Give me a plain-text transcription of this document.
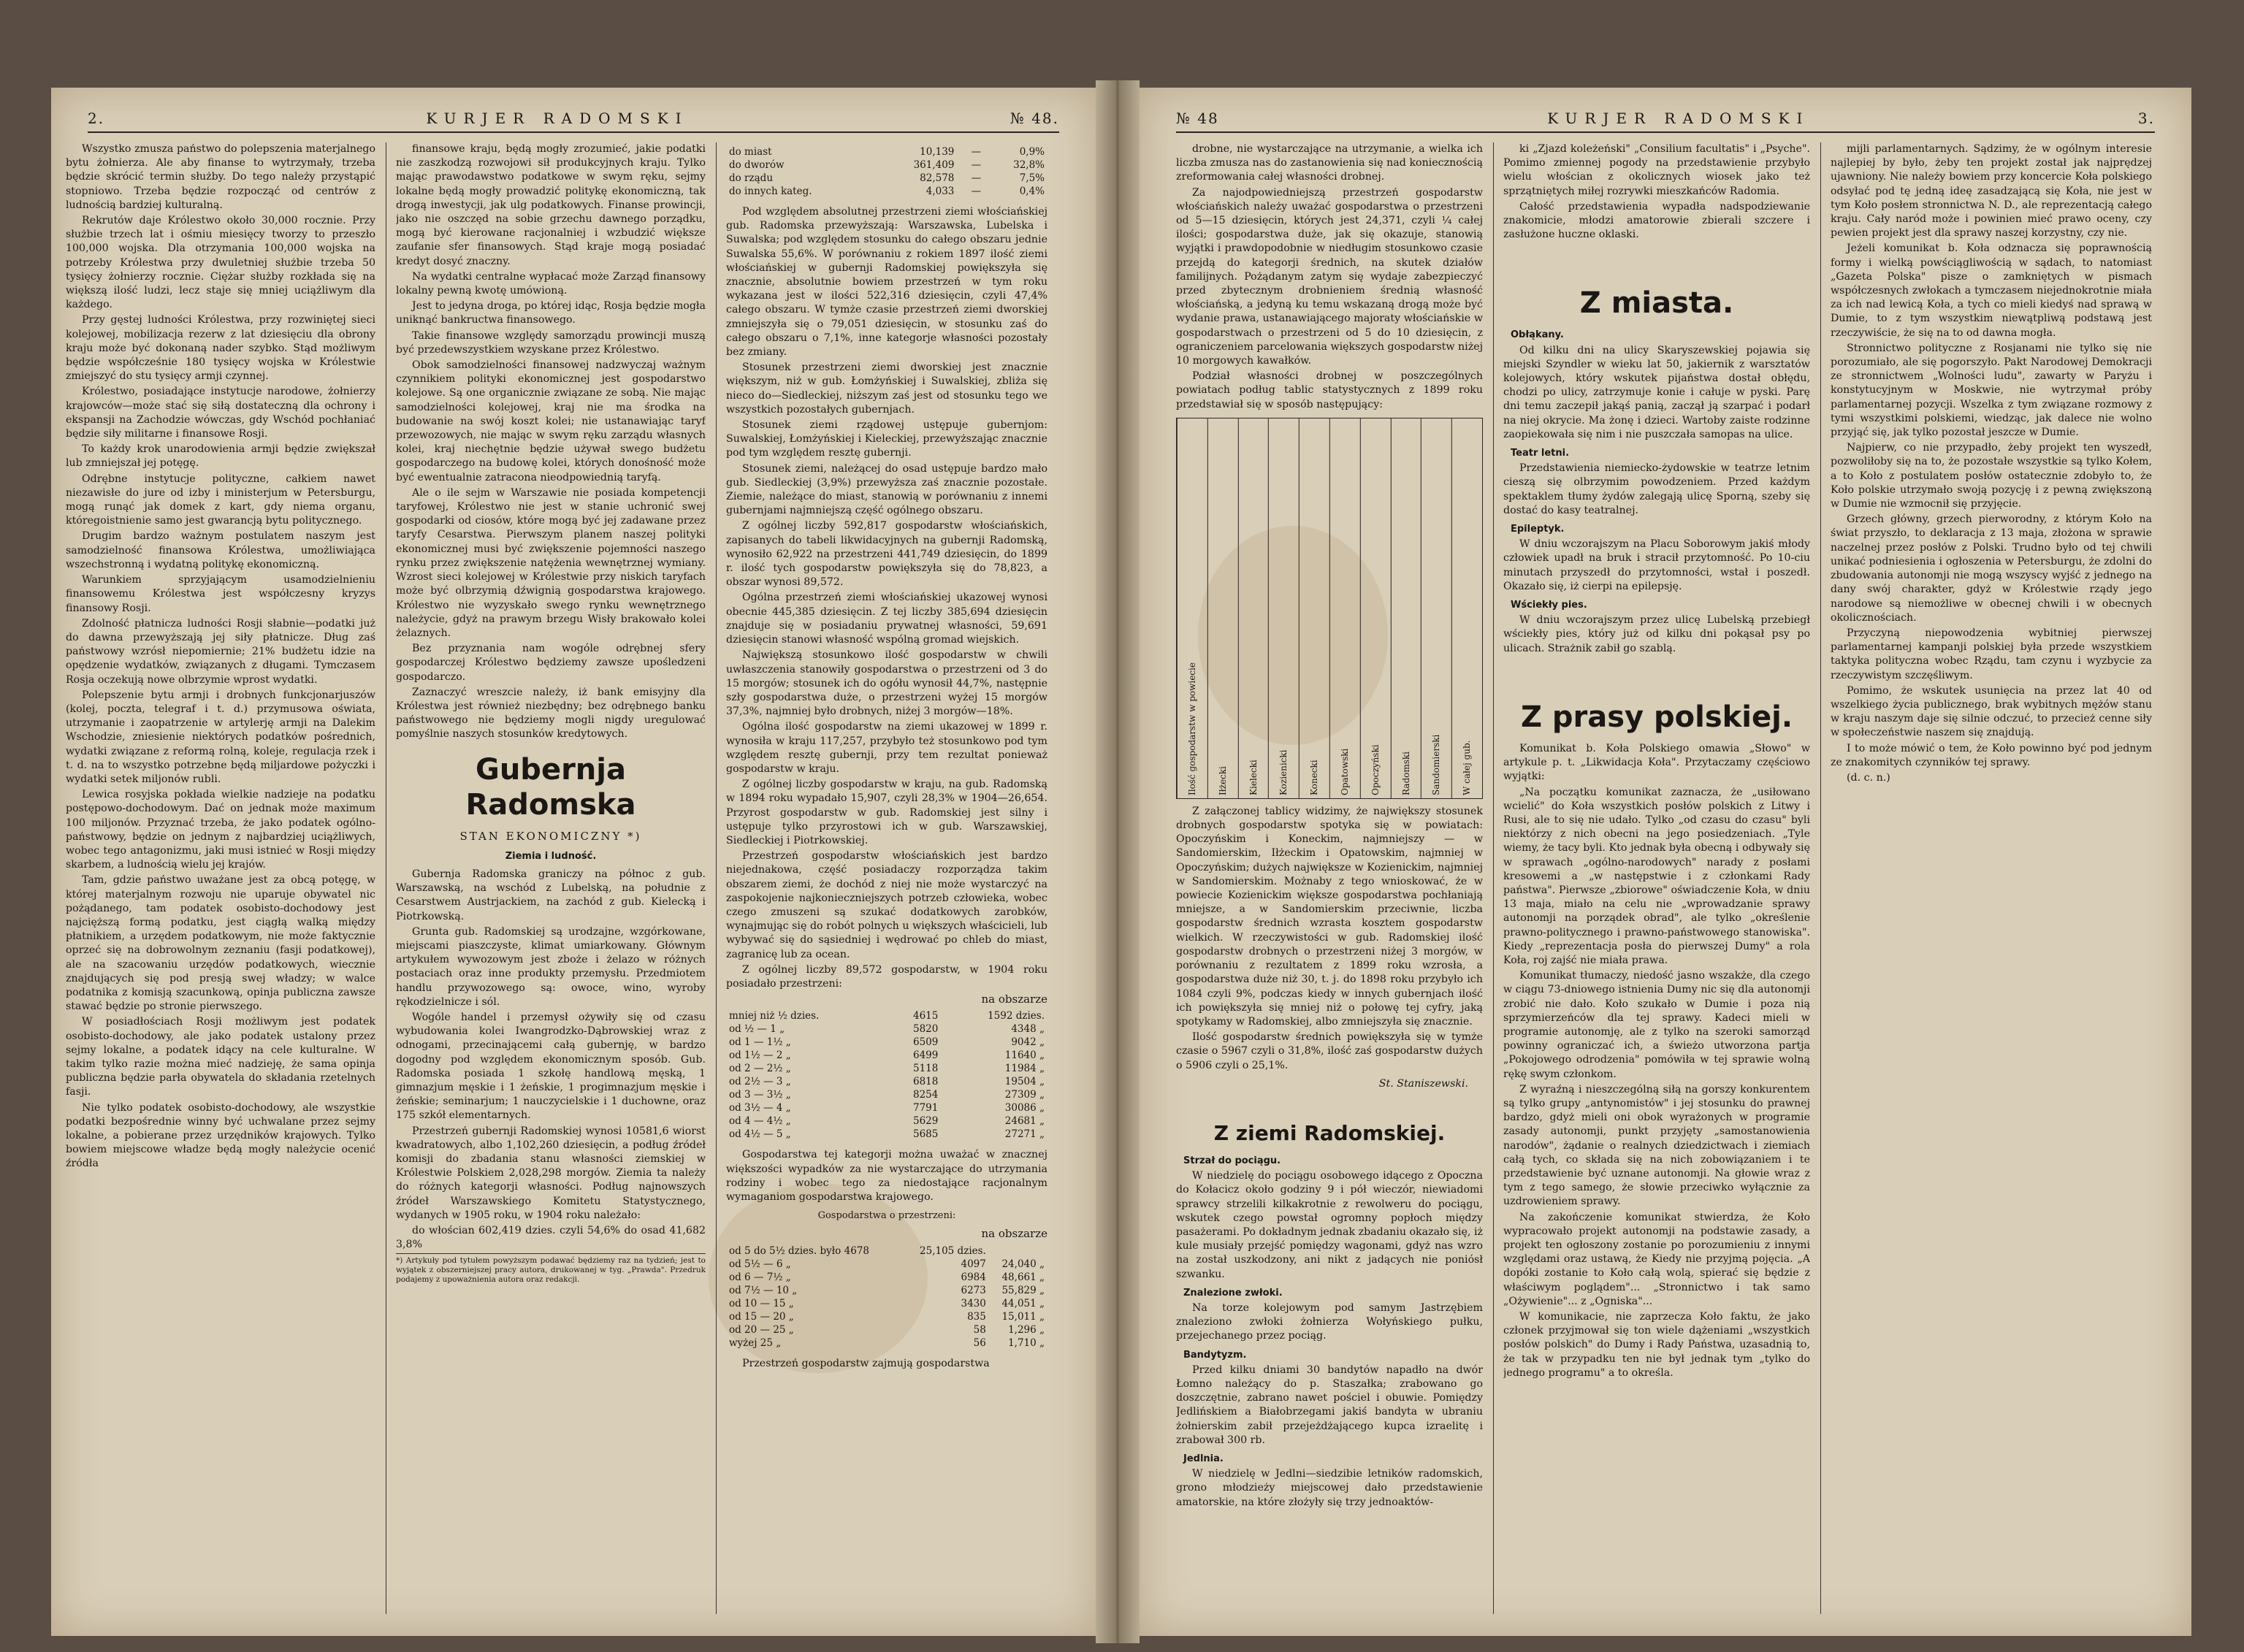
2.	KURJER RADOMSKI	№ 48.

Wszystko zmusza państwo do polepszenia materjalnego bytu żołnierza. Ale aby finanse to wytrzymały, trzeba będzie skrócić termin służby. Do tego należy przystąpić stopniowo. Trzeba będzie rozpocząć od centrów z ludnością bardziej kulturalną.

Rekrutów daje Królestwo około 30,000 rocznie. Przy służbie trzech lat i ośmiu miesięcy tworzy to przeszło 100,000 wojska. Dla otrzymania 100,000 wojska na potrzeby Królestwa przy dwuletniej służbie trzeba 50 tysięcy żołnierzy rocznie. Ciężar służby rozkłada się na większą ilość ludzi, lecz staje się mniej uciążliwym dla każdego.

Przy gęstej ludności Królestwa, przy rozwiniętej sieci kolejowej, mobilizacja rezerw z lat dziesięciu dla obrony kraju może być dokonaną nader szybko. Stąd możliwym będzie współcześnie 180 tysięcy wojska w Królestwie zmiejszyć do stu tysięcy armji czynnej.

Królestwo, posiadające instytucje narodowe, żołnierzy krajowców—może stać się siłą dostateczną dla ochrony i ekspansji na Zachodzie wówczas, gdy Wschód pochłaniać będzie siły militarne i finansowe Rosji.

To każdy krok unarodowienia armji będzie zwiększał lub zmniejszał jej potęgę.

Odrębne instytucje polityczne, całkiem nawet niezawisłe do jure od izby i ministerjum w Petersburgu, mogą runąć jak domek z kart, gdy niema organu, któregoistnienie samo jest gwarancją bytu politycznego.

Drugim bardzo ważnym postulatem naszym jest samodzielność finansowa Królestwa, umożliwiająca wszechstronną i wydatną politykę ekonomiczną.

Warunkiem sprzyjającym usamodzielnieniu finansowemu Królestwa jest współczesny kryzys finansowy Rosji.

Zdolność płatnicza ludności Rosji słabnie—podatki już do dawna przewyższają jej siły płatnicze. Dług zaś państwowy wzrósł niepomiernie; 21% budżetu idzie na opędzenie wydatków, związanych z długami. Tymczasem Rosja oczekują nowe olbrzymie wprost wydatki.

Polepszenie bytu armji i drobnych funkcjonarjuszów (kolej, poczta, telegraf i t. d.) przymusowa oświata, utrzymanie i zaopatrzenie w artylerję armji na Dalekim Wschodzie, zniesienie niektórych podatków pośrednich, wydatki związane z reformą rolną, koleje, regulacja rzek i t. d. na to wszystko potrzebne będą miljardowe pożyczki i wydatki setek miljonów rubli.

Lewica rosyjska pokłada wielkie nadzieje na podatku postępowo-dochodowym. Dać on jednak może maximum 100 miljonów. Przyznać trzeba, że jako podatek ogólno-państwowy, będzie on jednym z najbardziej uciążliwych, wobec tego antagonizmu, jaki musi istnieć w Rosji między skarbem, a ludnością wielu jej krajów.

Tam, gdzie państwo uważane jest za obcą potęgę, w której materjalnym rozwoju nie uparuje obywatel nic pożądanego, tam podatek osobisto-dochodowy jest najcięższą formą podatku, jest ciągłą walką między płatnikiem, a urzędem podatkowym, nie może faktycznie oprzeć się na dobrowolnym zeznaniu (fasji podatkowej), ale na szacowaniu urzędów podatkowych, wiecznie znajdujących się pod presją swej władzy; w walce podatnika z komisją szacunkową, opinja publiczna zawsze stawać będzie po stronie pierwszego.

W posiadłościach Rosji możliwym jest podatek osobisto-dochodowy, ale jako podatek ustalony przez sejmy lokalne, a podatek idący na cele kulturalne. W takim tylko razie można mieć nadzieję, że sama opinja publiczna będzie parła obywatela do składania rzetelnych fasji.

Nie tylko podatek osobisto-dochodowy, ale wszystkie podatki bezpośrednie winny być uchwalane przez sejmy lokalne, a pobierane przez urzędników krajowych. Tylko bowiem miejscowe władze będą mogły należycie ocenić źródła

finansowe kraju, będą mogły zrozumieć, jakie podatki nie zaszkodzą rozwojowi sił produkcyjnych kraju. Tylko mając prawodawstwo podatkowe w swym ręku, sejmy lokalne będą mogły prowadzić politykę ekonomiczną, tak drogą inwestycji, jak ulg podatkowych. Finanse prowincji, jako nie oszczęd na sobie grzechu dawnego porządku, mogą być kierowane racjonalniej i wzbudzić większe zaufanie sfer finansowych. Stąd kraje mogą posiadać kredyt dosyć znaczny.

Na wydatki centralne wypłacać może Zarząd finansowy lokalny pewną kwotę umówioną.

Jest to jedyna droga, po której idąc, Rosja będzie mogła uniknąć bankructwa finansowego.

Takie finansowe względy samorządu prowincji muszą być przedewszystkiem wzyskane przez Królestwo.

Obok samodzielności finansowej nadzwyczaj ważnym czynnikiem polityki ekonomicznej jest gospodarstwo kolejowe. Są one organicznie związane ze sobą. Nie mając samodzielności kolejowej, kraj nie ma środka na budowanie na swój koszt kolei; nie ustanawiając taryf przewozowych, nie mając w swym ręku zarządu własnych kolei, kraj niechętnie będzie używał swego budżetu gospodarczego na budowę kolei, których donośność może być ewentualnie zatracona nieodpowiednią taryfą.

Ale o ile sejm w Warszawie nie posiada kompetencji taryfowej, Królestwo nie jest w stanie uchronić swej gospodarki od ciosów, które mogą być jej zadawane przez taryfy Cesarstwa. Pierwszym planem naszej polityki ekonomicznej musi być zwiększenie pojemności naszego rynku przez zwiększenie natężenia wewnętrznej wymiany. Wzrost sieci kolejowej w Królestwie przy niskich taryfach może być olbrzymią dźwignią gospodarstwa krajowego. Królestwo nie wyzyskało swego rynku wewnętrznego należycie, gdyż na prawym brzegu Wisły brakowało kolei żelaznych.

Bez przyznania nam wogóle odrębnej sfery gospodarczej Królestwo będziemy zawsze upośledzeni gospodarczo.

Zaznaczyć wreszcie należy, iż bank emisyjny dla Królestwa jest również niezbędny; bez odrębnego banku państwowego nie będziemy mogli nigdy uregulować pomyślnie naszych stosunków kredytowych.

Gubernja Radomska

STAN EKONOMICZNY *)

Ziemia i ludność.

Gubernja Radomska graniczy na północ z gub. Warszawską, na wschód z Lubelską, na południe z Cesarstwem Austrjackiem, na zachód z gub. Kielecką i Piotrkowską.

Grunta gub. Radomskiej są urodzajne, wzgórkowane, miejscami piaszczyste, klimat umiarkowany. Głównym artykułem wywozowym jest zboże i żelazo w różnych postaciach oraz inne produkty przemysłu. Przedmiotem handlu przywozowego są: owoce, wino, wyroby rękodzielnicze i sól.

Wogóle handel i przemysł ożywiły się od czasu wybudowania kolei Iwangrodzko-Dąbrowskiej wraz z odnogami, przecinającemi całą gubernję, w bardzo dogodny pod względem ekonomicznym sposób. Gub. Radomska posiada 1 szkołę handlową męską, 1 gimnazjum męskie i 1 żeńskie, 1 progimnazjum męskie i żeńskie; seminarjum; 1 nauczycielskie i 1 duchowne, oraz 175 szkół elementarnych.

Przestrzeń gubernji Radomskiej wynosi 10581,6 wiorst kwadratowych, albo 1,102,260 dziesięcin, a podług źródeł komisji do zbadania stanu własności ziemskiej w Królestwie Polskiem 2,028,298 morgów. Ziemia ta należy do różnych kategorji własności. Podług najnowszych źródeł Warszawskiego Komitetu Statystycznego, wydanych w 1905 roku, w 1904 roku należało:

do włościan 602,419 dzies. czyli 54,6% do osad 41,682 3,8%

*) Artykuły pod tytułem powyższym podawać będziemy raz na tydzień; jest to wyjątek z obszerniejszej pracy autora, drukowanej w tyg. „Prawda". Przedruk podajemy z upoważnienia autora oraz redakcji.

do miast	10,139	—	0,9%
do dworów	361,409	—	32,8%
do rządu	82,578	—	7,5%
do innych kateg.	4,033	—	0,4%

Pod względem absolutnej przestrzeni ziemi włościańskiej gub. Radomska przewyższają: Warszawska, Lubelska i Suwalska; pod względem stosunku do całego obszaru jednie Suwalska 55,6%. W porównaniu z rokiem 1897 ilość ziemi włościańskiej w gubernji Radomskiej powiększyła się znacznie, absolutnie bowiem przestrzeń w tym roku wykazana jest w ilości 522,316 dziesięcin, czyli 47,4% całego obszaru. W tymże czasie przestrzeń ziemi dworskiej zmniejszyła się o 79,051 dziesięcin, w stosunku zaś do całego obszaru o 7,1%, inne kategorje własności pozostały bez zmiany.

Stosunek przestrzeni ziemi dworskiej jest znacznie większym, niż w gub. Łomżyńskiej i Suwalskiej, zbliża się nieco do—Siedleckiej, niższym zaś jest od stosunku tego we wszystkich pozostałych gubernjach.

Stosunek ziemi rządowej ustępuje gubernjom: Suwalskiej, Łomżyńskiej i Kieleckiej, przewyższając znacznie pod tym względem resztę gubernji.

Stosunek ziemi, należącej do osad ustępuje bardzo mało gub. Siedleckiej (3,9%) przewyższa zaś znacznie pozostałe. Ziemie, należące do miast, stanowią w porównaniu z innemi gubernjami najmniejszą część ogólnego obszaru.

Z ogólnej liczby 592,817 gospodarstw włościańskich, zapisanych do tabeli likwidacyjnych na gubernji Radomską, wynosiło 62,922 na przestrzeni 441,749 dziesięcin, do 1899 r. ilość tych gospodarstw powiększyła się do 78,823, a obszar wynosi 89,572.

Ogólna przestrzeń ziemi włościańskiej ukazowej wynosi obecnie 445,385 dziesięcin. Z tej liczby 385,694 dziesięcin znajduje się w posiadaniu prywatnej własności, 59,691 dziesięcin stanowi własność wspólną gromad wiejskich.

Największą stosunkowo ilość gospodarstw w chwili uwłaszczenia stanowiły gospodarstwa o przestrzeni od 3 do 15 morgów; stosunek ich do ogółu wynosił 44,7%, następnie szły gospodarstwa duże, o przestrzeni wyżej 15 morgów 37,3%, najmniej było drobnych, niżej 3 morgów—18%.

Ogólna ilość gospodarstw na ziemi ukazowej w 1899 r. wynosiła w kraju 117,257, przybyło też stosunkowo pod tym względem resztę gubernji, przy tem rezultat ponieważ gospodarstw w kraju.

Z ogólnej liczby gospodarstw w kraju, na gub. Radomską w 1894 roku wypadało 15,907, czyli 28,3% w 1904—26,654. Przyrost gospodarstw w gub. Radomskiej jest silny i ustępuje tylko przyrostowi ich w gub. Warszawskiej, Siedleckiej i Piotrkowskiej.

Przestrzeń gospodarstw włościańskich jest bardzo niejednakowa, część posiadaczy rozporządza takim obszarem ziemi, że dochód z niej nie może wystarczyć na zaspokojenie najkonieczniejszych potrzeb człowieka, wobec czego zmuszeni są szukać dodatkowych zarobków, wynajmując się do robót polnych u większych właścicieli, lub wybywać się do sąsiedniej i wędrować po chleb do miast, zagranicę lub za ocean.

Z ogólnej liczby 89,572 gospodarstw, w 1904 roku posiadało przestrzeni:

na obszarze

mniej niż ½ dzies.	4615	1592 dzies.
od ½ — 1 „	5820	4348 „
od 1 — 1½ „	6509	9042 „
od 1½ — 2 „	6499	11640 „
od 2 — 2½ „	5118	11984 „
od 2½ — 3 „	6818	19504 „
od 3 — 3½ „	8254	27309 „
od 3½ — 4 „	7791	30086 „
od 4 — 4½ „	5629	24681 „
od 4½ — 5 „	5685	27271 „

Gospodarstwa tej kategorji można uważać w znacznej większości wypadków za nie wystarczające do utrzymania rodziny i wobec tego za niedostające racjonalnym wymaganiom gospodarstwa krajowego.

Gospodarstwa o przestrzeni:

na obszarze

od 5 do 5½ dzies. było 4678	25,105 dzies.	
od 5½ — 6 „	4097	24,040 „
od 6 — 7½ „	6984	48,661 „
od 7½ — 10 „	6273	55,829 „
od 10 — 15 „	3430	44,051 „
od 15 — 20 „	835	15,011 „
od 20 — 25 „	58	1,296 „
wyżej 25 „	56	1,710 „

Przestrzeń gospodarstw zajmują gospodarstwa

№ 48	KURJER RADOMSKI	3.

drobne, nie wystarczające na utrzymanie, a wielka ich liczba zmusza nas do zastanowienia się nad koniecznością zreformowania całej własności drobnej.

Za najodpowiedniejszą przestrzeń gospodarstw włościańskich należy uważać gospodarstwa o przestrzeni od 5—15 dziesięcin, których jest 24,371, czyli ¼ całej ilości; gospodarstwa duże, jak się okazuje, stanowią wyjątki i prawdopodobnie w niedługim stosunkowo czasie przejdą do kategorji średnich, na skutek działów familijnych. Pożądanym zatym się wydaje zabezpieczyć przed zbytecznym drobnieniem średnią własność włościańską, a jedyną ku temu wskazaną drogą może być wydanie prawa, ustanawiającego majoraty włościańskie w gospodarstwach o przestrzeni od 5 do 10 dziesięcin, z ograniczeniem parcelowania większych gospodarstw niżej 10 morgowych kawałków.

Podział własności drobnej w poszczególnych powiatach podług tablic statystycznych z 1899 roku przedstawiał się w sposób następujący:

Ilość gospodarstw w powiecie	Iłżecki	Kielecki	Kozienicki	Konecki	Opatowski	Opoczyński	Radomski	Sandomierski	W całej gub.

Z załączonej tablicy widzimy, że największy stosunek drobnych gospodarstw spotyka się w powiatach: Opoczyńskim i Koneckim, najmniejszy — w Sandomierskim, Iłżeckim i Opatowskim, najmniej w Opoczyńskim; dużych największe w Kozienickim, najmniej w Sandomierskim. Możnaby z tego wnioskować, że w powiecie Kozienickim większe gospodarstwa pochłaniają mniejsze, a w Sandomierskim przeciwnie, liczba gospodarstw średnich wzrasta kosztem gospodarstw wielkich. W rzeczywistości w gub. Radomskiej ilość gospodarstw drobnych o przestrzeni niżej 3 morgów, w porównaniu z rezultatem z 1899 roku wzrosła, a gospodarstwa duże niż 30, t. j. do 1898 roku przybyło ich 1084 czyli 9%, podczas kiedy w innych gubernjach ilość ich powiększyła się mniej niż o połowę tej cyfry, jaką spotykamy w Radomskiej, albo zmniejszyła się znacznie.

Ilość gospodarstw średnich powiększyła się w tymże czasie o 5967 czyli o 31,8%, ilość zaś gospodarstw dużych o 5906 czyli o 25,1%.

St. Staniszewski.

Z ziemi Radomskiej.

Strzał do pociągu.

W niedzielę do pociągu osobowego idącego z Opoczna do Kołacicz około godziny 9 i pół wieczór, niewiadomi sprawcy strzelili kilkakrotnie z rewolweru do pociągu, wskutek czego powstał ogromny popłoch między pasażerami. Po dokładnym jednak zbadaniu okazało się, iż kule musiały przejść pomiędzy wagonami, gdyż nas wzro na został uszkodzony, ani nikt z jadących nie poniósł szwanku.

Znalezione zwłoki.

Na torze kolejowym pod samym Jastrzębiem znaleziono zwłoki żołnierza Wołyńskiego pułku, przejechanego przez pociąg.

Bandytyzm.

Przed kilku dniami 30 bandytów napadło na dwór Łomno należący do p. Staszałka; zrabowano go doszczętnie, zabrano nawet pościel i obuwie. Pomiędzy Jedlińskiem a Białobrzegami jakiś bandyta w ubraniu żołnierskim zabił przejeżdżającego kupca izraelitę i zrabował 300 rb.

Jedlnia.

W niedzielę w Jedlni—siedzibie letników radomskich, grono młodzieży miejscowej dało przedstawienie amatorskie, na które złożyły się trzy jednoaktów-

ki „Zjazd koleżeński" „Consilium facultatis" i „Psyche". Pomimo zmiennej pogody na przedstawienie przybyło wielu włościan z okolicznych wiosek jako też sprzątniętych miłej rozrywki mieszkańców Radomia.

Całość przedstawienia wypadła nadspodziewanie znakomicie, młodzi amatorowie zbierali szczere i zasłużone huczne oklaski.

Z miasta.

Obłąkany.

Od kilku dni na ulicy Skaryszewskiej pojawia się miejski Szyndler w wieku lat 50, jakiernik z warsztatów kolejowych, który wskutek pijaństwa dostał obłędu, chodzi po ulicy, zatrzymuje konie i całuje w pyski. Parę dni temu zaczepił jakąś panią, zaczął ją szarpać i podarł na niej okrycie. Ma żonę i dzieci. Wartoby zaiste rodzinne zaopiekowała się nim i nie puszczała samopas na ulice.

Teatr letni.

Przedstawienia niemiecko-żydowskie w teatrze letnim cieszą się olbrzymim powodzeniem. Przed każdym spektaklem tłumy żydów zalegają ulicę Sporną, szeby się dostać do kasy teatralnej.

Epileptyk.

W dniu wczorajszym na Placu Soborowym jakiś młody człowiek upadł na bruk i stracił przytomność. Po 10-ciu minutach przyszedł do przytomności, wstał i poszedł. Okazało się, iż cierpi na epilepsję.

Wściekły pies.

W dniu wczorajszym przez ulicę Lubelską przebiegł wściekły pies, który już od kilku dni pokąsał psy po ulicach. Strażnik zabił go szablą.

Z prasy polskiej.

Komunikat b. Koła Polskiego omawia „Słowo" w artykule p. t. „Likwidacja Koła". Przytaczamy częściowo wyjątki:

„Na początku komunikat zaznacza, że „usiłowano wcielić" do Koła wszystkich posłów polskich z Litwy i Rusi, ale to się nie udało. Tylko „od czasu do czasu" byli niektórzy z nich obecni na jego posiedzeniach. „Tyle wiemy, że tacy byli. Kto jednak była obecną i odbywały się w sprawach „ogólno-narodowych" narady z posłami kresowemi a „w następstwie i z członkami Rady państwa". Pierwsze „zbiorowe" oświadczenie Koła, w dniu 13 maja, miało na celu nie „wprowadzanie sprawy autonomji na porządek obrad", ale tylko „określenie prawno-politycznego i prawno-państwowego stanowiska". Kiedy „reprezentacja posła do pierwszej Dumy" a rola Koła, roj zajść nie miała prawa.

Komunikat tłumaczy, niedość jasno wszakże, dla czego w ciągu 73-dniowego istnienia Dumy nic się dla autonomji zrobić nie dało. Koło szukało w Dumie i poza nią sprzymierzeńców dla tej sprawy. Kadeci mieli w programie autonomję, ale z tylko na szeroki samorząd powinny ograniczać ich, a świeżo utworzona partja „Pokojowego odrodzenia" pomówiła w tej sprawie wolną rękę swym członkom.

Z wyraźną i nieszczególną siłą na gorszy konkurentem są tylko grupy „antynomistów" i jej stosunku do prawnej bardzo, gdyż mieli oni obok wyrażonych w programie zasady autonomji, punkt przyjęty „samostanowienia narodów", żądanie o realnych dziedzictwach i ziemiach całą tych, co składa się na nich zobowiązaniem i te przedstawienie być uznane autonomji. Na głowie wraz z tym z tego samego, że słowie przeciwko wyłącznie za uzdrowieniem sprawy.

Na zakończenie komunikat stwierdza, że Koło wypracowało projekt autonomji na podstawie zasady, a projekt ten ogłoszony zostanie po porozumieniu z innymi względami oraz ustawą, że Kiedy nie przyjmą pojęcia. „A dopóki zostanie to Koło całą wolą, spierać się będzie z właściwym poglądem"... „Stronnictwo i tak samo „Ożywienie"... z „Ogniska"...

W komunikacie, nie zaprzecza Koło faktu, że jako członek przyjmował się ton wiele dążeniami „wszystkich posłów polskich" do Dumy i Rady Państwa, uzasadnią to, że tak w przypadku ten nie był jednak tym „tylko do jednego programu" a to określa.

mijli parlamentarnych. Sądzimy, że w ogólnym interesie najlepiej by było, żeby ten projekt został jak najprędzej ujawniony. Nie należy bowiem przy koncercie Koła polskiego odsyłać pod tę jedną ideę zasadzającą się Koła, nie jest w tym Koło posłem stronnictwa N. D., ale reprezentacją całego kraju. Cały naród może i powinien mieć prawo oceny, czy pewien projekt jest dla sprawy naszej korzystny, czy nie.

Jeżeli komunikat b. Koła odznacza się poprawnością formy i wielką powściągliwością w sądach, to natomiast „Gazeta Polska" pisze o zamkniętych w pismach współczesnych zwłokach a tymczasem niejednokrotnie miała za ich nad lewicą Koła, a tych co mieli kiedyś nad sprawą w Dumie, to z tym wszystkim niewątpliwą podstawą jest rzeczywiście, że się na to od dawna mogła.

Stronnictwo polityczne z Rosjanami nie tylko się nie porozumiało, ale się pogorszyło. Pakt Narodowej Demokracji ze stronnictwem „Wolności ludu", zawarty w Paryżu i konstytucyjnym w Moskwie, nie wytrzymał próby parlamentarnej pozycji. Wszelka z tym związane rozmowy z tymi wszystkimi polskiemi, wiedząc, jak dalece nie wolno przyjąć się, jak tylko pozostał jeszcze w Dumie.

Najpierw, co nie przypadło, żeby projekt ten wyszedł, pozwoliłoby się na to, że pozostałe wszystkie są tylko Kołem, a to Koło z postulatem posłów ostatecznie zdobyło to, że Koło polskie utrzymało swoją pozycję i z pewną zwiększoną w Dumie nie wzmocnił się przyjęcie.

Grzech główny, grzech pierworodny, z którym Koło na świat przyszło, to deklaracja z 13 maja, złożona w sprawie naczelnej przez posłów z Polski. Trudno było od tej chwili unikać podniesienia i ogłoszenia w Petersburgu, że zdolni do zbudowania autonomji nie mogą wszyscy wyjść z jednego na dany swój charakter, gdyż w Królestwie rządy jego narodowe są niemożliwe w obecnej chwili i w obecnych okolicznościach.

Przyczyną niepowodzenia wybitniej pierwszej parlamentarnej kampanji polskiej była przede wszystkiem taktyka polityczna wobec Rządu, tam czynu i wyzbycie za rzeczywistym szczęśliwym.

Pomimo, że wskutek usunięcia na przez lat 40 od wszelkiego życia publicznego, brak wybitnych mężów stanu w kraju naszym daje się silnie odczuć, to przecież cenne siły w społeczeństwie naszem się znajdują.

I to może mówić o tem, że Koło powinno być pod jednym ze znakomitych czynników tej sprawy.

(d. c. n.)
